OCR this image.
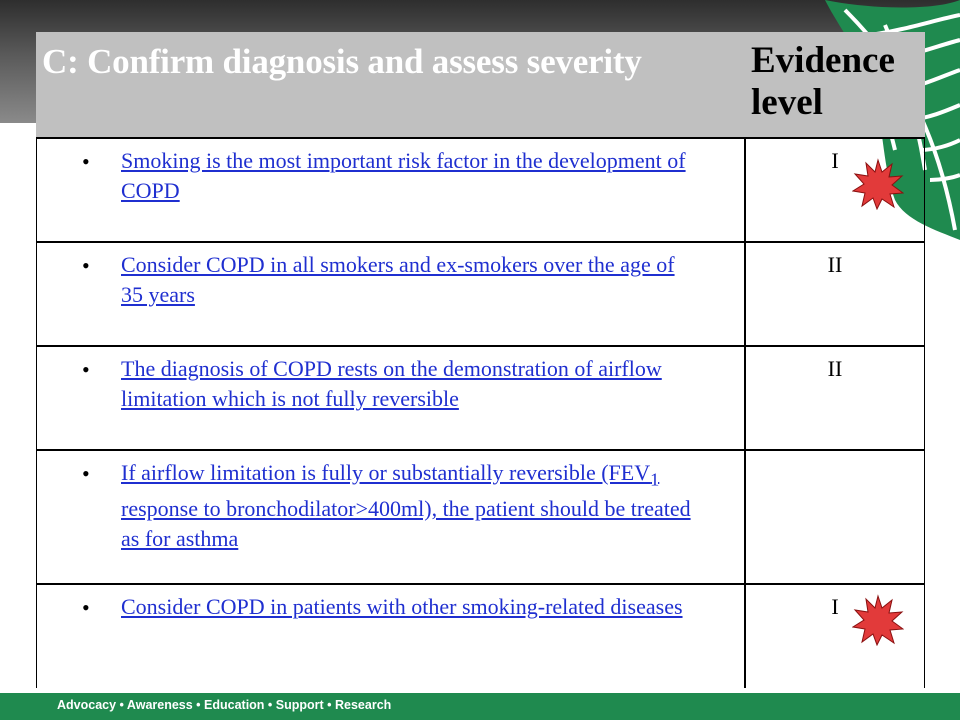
C: Confirm diagnosis and assess severity	Evidence level
• Smoking is the most important risk factor in the development of COPD
I
• Consider COPD in all smokers and ex-smokers over the age of 35 years
II
• The diagnosis of COPD rests on the demonstration of airflow limitation which is not fully reversible
II
• If airflow limitation is fully or substantially reversible ($FEV_1$ response to bronchodilator>400ml), the patient should be treated as for asthma
• Consider COPD in patients with other smoking-related diseases	I
Advocacy • Awareness • Education • Support • Research
